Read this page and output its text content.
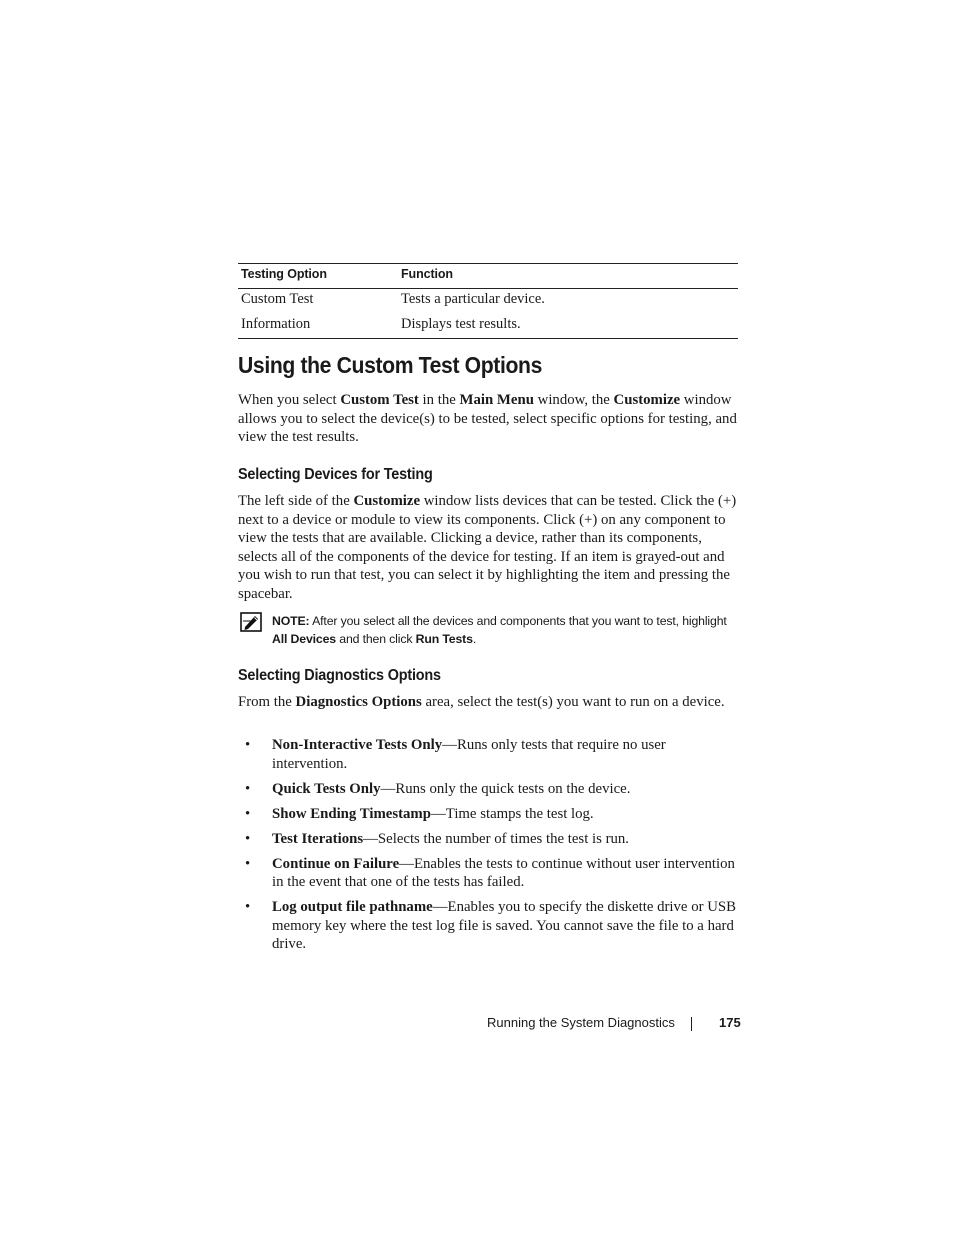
Testing Option	Function
Custom Test	Tests a particular device.
Information	Displays test results.
Using the Custom Test Options

When you select Custom Test in the Main Menu window, the Customize window allows you to select the device(s) to be tested, select specific options for testing, and view the test results.

Selecting Devices for Testing

The left side of the Customize window lists devices that can be tested. Click the (+) next to a device or module to view its components. Click (+) on any component to view the tests that are available. Clicking a device, rather than its components, selects all of the components of the device for testing. If an item is grayed-out and you wish to run that test, you can select it by highlighting the item and pressing the spacebar.

NOTE: After you select all the devices and components that you want to test, highlight All Devices and then click Run Tests.
Selecting Diagnostics Options

From the Diagnostics Options area, select the test(s) you want to run on a device.

• Non-Interactive Tests Only—Runs only tests that require no user intervention.
• Quick Tests Only—Runs only the quick tests on the device.
• Show Ending Timestamp—Time stamps the test log.
• Test Iterations—Selects the number of times the test is run.
• Continue on Failure—Enables the tests to continue without user intervention in the event that one of the tests has failed.
• Log output file pathname—Enables you to specify the diskette drive or USB memory key where the test log file is saved. You cannot save the file to a hard drive.
Running the System Diagnostics	175
